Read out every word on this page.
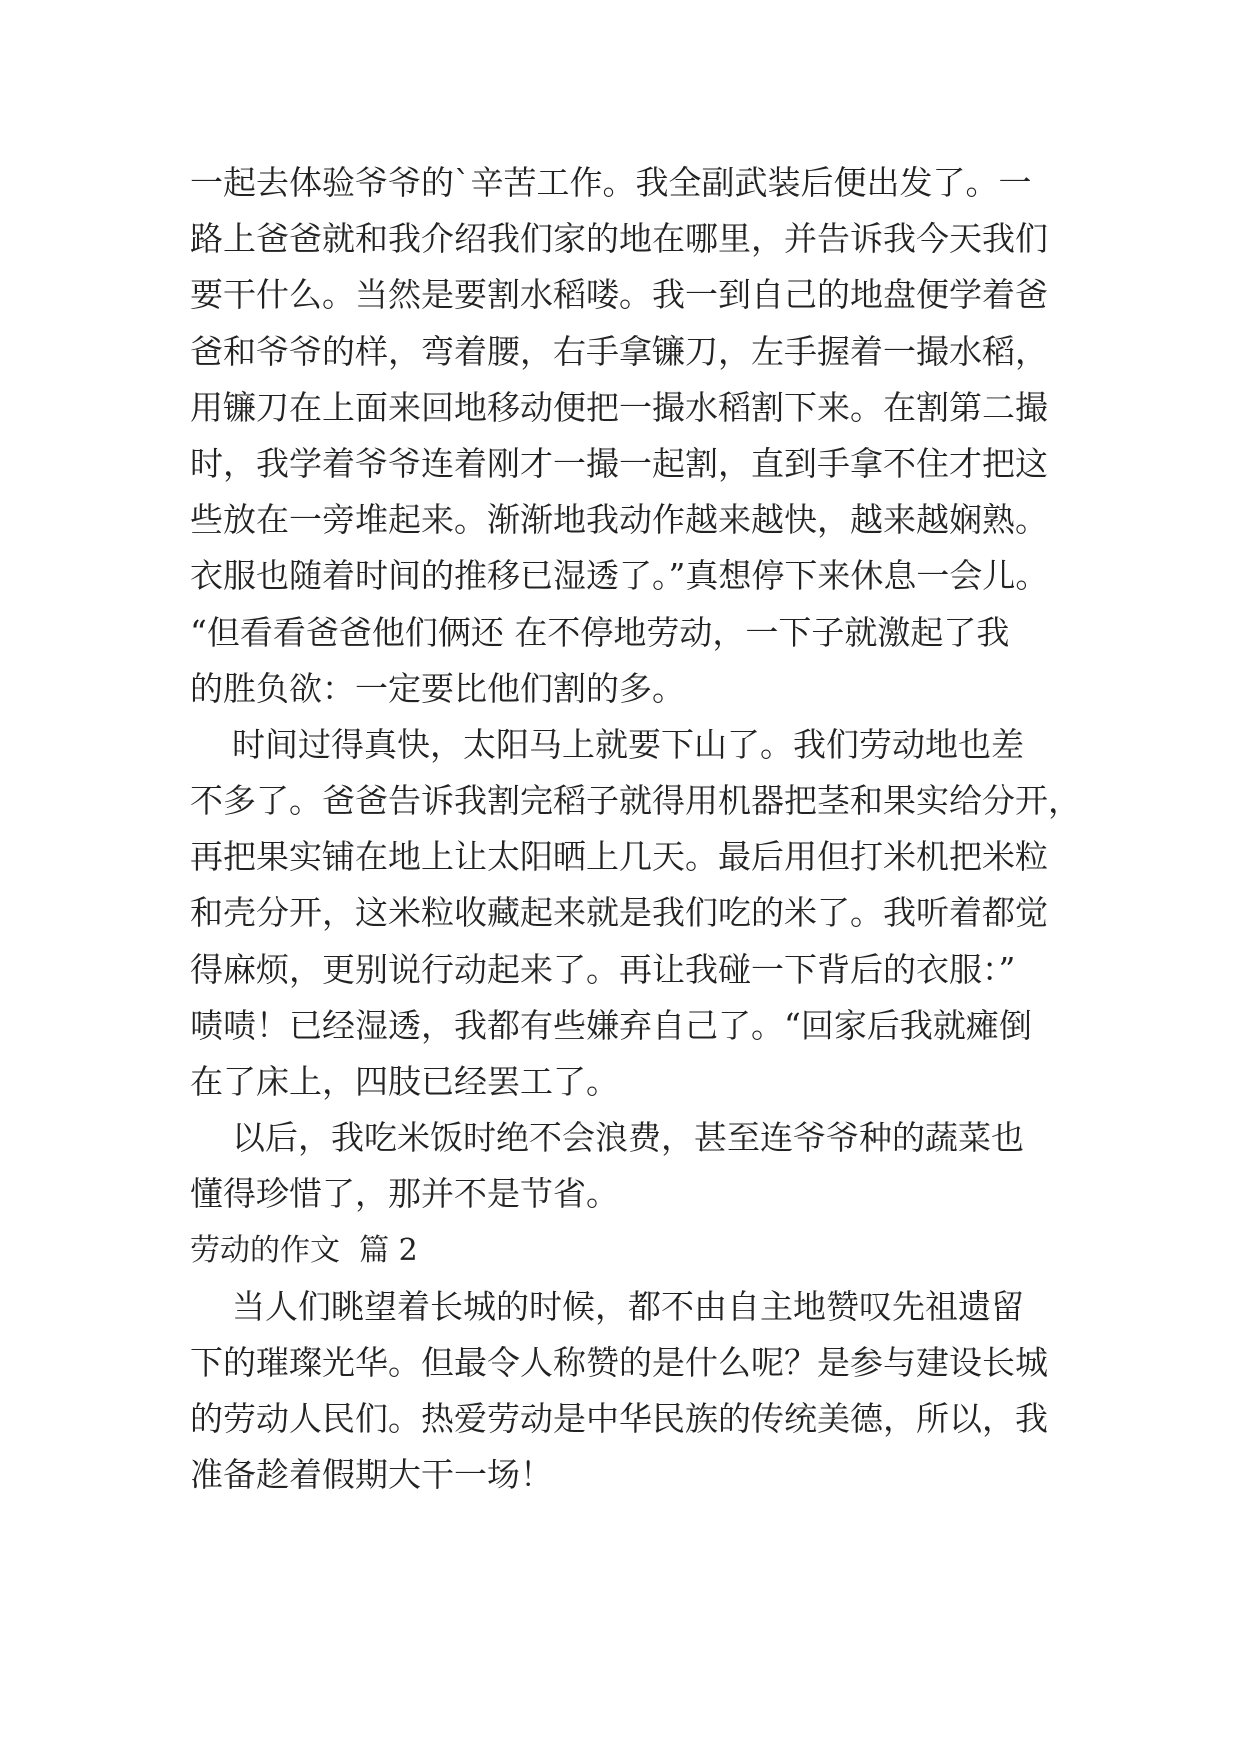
一起去体验爷爷的`辛苦工作。我全副武装后便出发了。一
路上爸爸就和我介绍我们家的地在哪里，并告诉我今天我们
要干什么。当然是要割水稻喽。我一到自己的地盘便学着爸
爸和爷爷的样，弯着腰，右手拿镰刀，左手握着一撮水稻，
用镰刀在上面来回地移动便把一撮水稻割下来。在割第二撮
时，我学着爷爷连着刚才一撮一起割，直到手拿不住才把这
些放在一旁堆起来。渐渐地我动作越来越快，越来越娴熟。
衣服也随着时间的推移已湿透了。”真想停下来休息一会儿。
“但看看爸爸他们俩还 在不停地劳动，一下子就激起了我
的胜负欲：一定要比他们割的多。
时间过得真快，太阳马上就要下山了。我们劳动地也差
不多了。爸爸告诉我割完稻子就得用机器把茎和果实给分开，
再把果实铺在地上让太阳晒上几天。最后用但打米机把米粒
和壳分开，这米粒收藏起来就是我们吃的米了。我听着都觉
得麻烦，更别说行动起来了。再让我碰一下背后的衣服：”
啧啧！已经湿透，我都有些嫌弃自己了。“回家后我就瘫倒
在了床上，四肢已经罢工了。
以后，我吃米饭时绝不会浪费，甚至连爷爷种的蔬菜也
懂得珍惜了，那并不是节省。
劳动的作文  篇 2
当人们眺望着长城的时候，都不由自主地赞叹先祖遗留
下的璀璨光华。但最令人称赞的是什么呢？是参与建设长城
的劳动人民们。热爱劳动是中华民族的传统美德，所以，我
准备趁着假期大干一场！
